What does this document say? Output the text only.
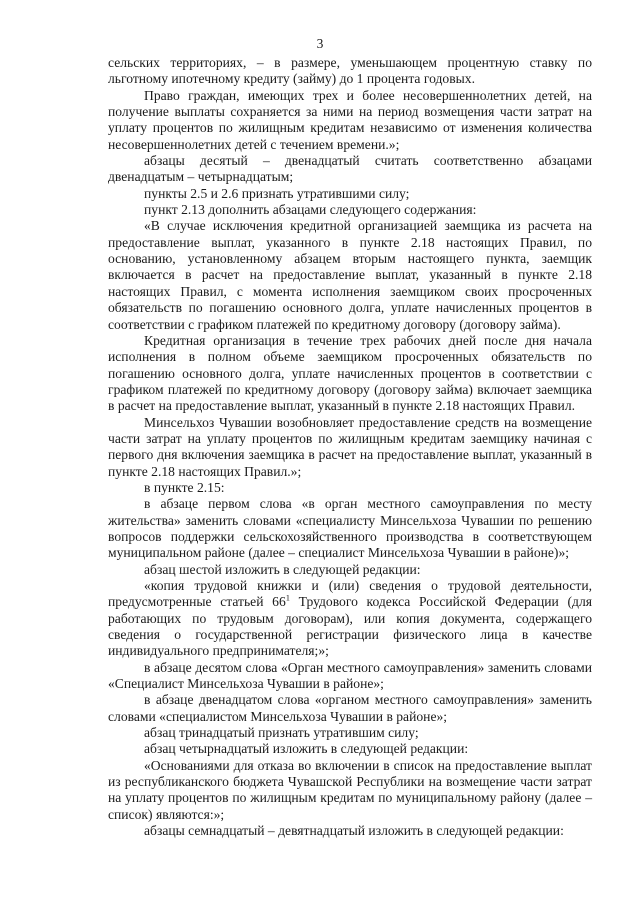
3

сельских территориях, – в размере, уменьшающем процентную ставку по льготному ипотечному кредиту (займу) до 1 процента годовых.

Право граждан, имеющих трех и более несовершеннолетних детей, на получение выплаты сохраняется за ними на период возмещения части затрат на уплату процентов по жилищным кредитам независимо от изменения количества несовершеннолетних детей с течением времени.»;

абзацы десятый – двенадцатый считать соответственно абзацами двенадцатым – четырнадцатым;

пункты 2.5 и 2.6 признать утратившими силу;

пункт 2.13 дополнить абзацами следующего содержания:

«В случае исключения кредитной организацией заемщика из расчета на предоставление выплат, указанного в пункте 2.18 настоящих Правил, по основанию, установленному абзацем вторым настоящего пункта, заемщик включается в расчет на предоставление выплат, указанный в пункте 2.18 настоящих Правил, с момента исполнения заемщиком своих просроченных обязательств по погашению основного долга, уплате начисленных процентов в соответствии с графиком платежей по кредитному договору (договору займа).

Кредитная организация в течение трех рабочих дней после дня начала исполнения в полном объеме заемщиком просроченных обязательств по погашению основного долга, уплате начисленных процентов в соответствии с графиком платежей по кредитному договору (договору займа) включает заемщика в расчет на предоставление выплат, указанный в пункте 2.18 настоящих Правил.

Минсельхоз Чувашии возобновляет предоставление средств на возмещение части затрат на уплату процентов по жилищным кредитам заемщику начиная с первого дня включения заемщика в расчет на предоставление выплат, указанный в пункте 2.18 настоящих Правил.»;

в пункте 2.15:

в абзаце первом слова «в орган местного самоуправления по месту жительства» заменить словами «специалисту Минсельхоза Чувашии по решению вопросов поддержки сельскохозяйственного производства в соответствующем муниципальном районе (далее – специалист Минсельхоза Чувашии в районе)»;

абзац шестой изложить в следующей редакции:

«копия трудовой книжки и (или) сведения о трудовой деятельности, предусмотренные статьей $66^1$ Трудового кодекса Российской Федерации (для работающих по трудовым договорам), или копия документа, содержащего сведения о государственной регистрации физического лица в качестве индивидуального предпринимателя;»;

в абзаце десятом слова «Орган местного самоуправления» заменить словами «Специалист Минсельхоза Чувашии в районе»;

в абзаце двенадцатом слова «органом местного самоуправления» заменить словами «специалистом Минсельхоза Чувашии в районе»;

абзац тринадцатый признать утратившим силу;

абзац четырнадцатый изложить в следующей редакции:

«Основаниями для отказа во включении в список на предоставление выплат из республиканского бюджета Чувашской Республики на возмещение части затрат на уплату процентов по жилищным кредитам по муниципальному району (далее – список) являются:»;

абзацы семнадцатый – девятнадцатый изложить в следующей редакции:
